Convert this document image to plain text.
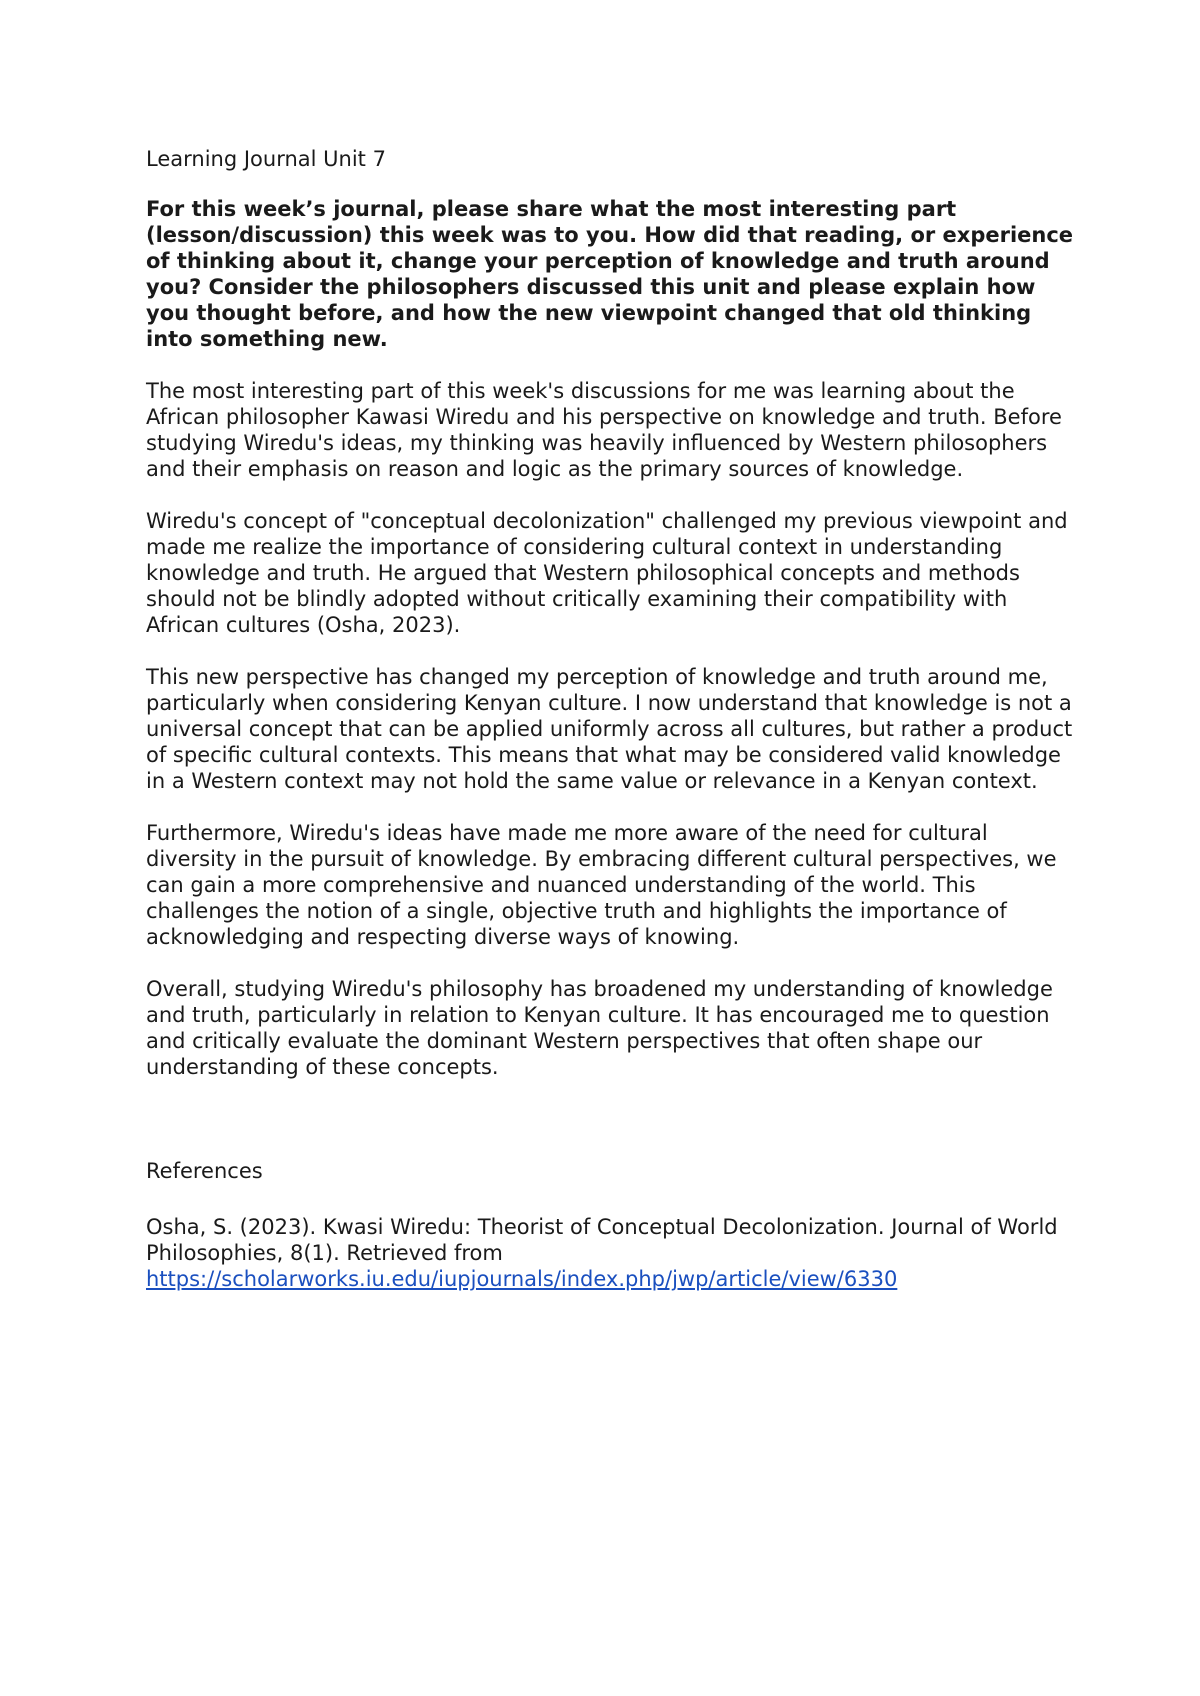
Learning Journal Unit 7
For this week’s journal, please share what the most interesting part (lesson/discussion) this week was to you. How did that reading, or experience of thinking about it, change your perception of knowledge and truth around you? Consider the philosophers discussed this unit and please explain how you thought before, and how the new viewpoint changed that old thinking into something new.

The most interesting part of this week's discussions for me was learning about the African philosopher Kawasi Wiredu and his perspective on knowledge and truth. Before studying Wiredu's ideas, my thinking was heavily influenced by Western philosophers and their emphasis on reason and logic as the primary sources of knowledge.

Wiredu's concept of "conceptual decolonization" challenged my previous viewpoint and made me realize the importance of considering cultural context in understanding knowledge and truth. He argued that Western philosophical concepts and methods should not be blindly adopted without critically examining their compatibility with African cultures (Osha, 2023).

This new perspective has changed my perception of knowledge and truth around me, particularly when considering Kenyan culture. I now understand that knowledge is not a universal concept that can be applied uniformly across all cultures, but rather a product of specific cultural contexts. This means that what may be considered valid knowledge in a Western context may not hold the same value or relevance in a Kenyan context.

Furthermore, Wiredu's ideas have made me more aware of the need for cultural diversity in the pursuit of knowledge. By embracing different cultural perspectives, we can gain a more comprehensive and nuanced understanding of the world. This challenges the notion of a single, objective truth and highlights the importance of acknowledging and respecting diverse ways of knowing.

Overall, studying Wiredu's philosophy has broadened my understanding of knowledge and truth, particularly in relation to Kenyan culture. It has encouraged me to question and critically evaluate the dominant Western perspectives that often shape our understanding of these concepts.

References

Osha, S. (2023). Kwasi Wiredu: Theorist of Conceptual Decolonization. Journal of World Philosophies, 8(1). Retrieved from https://scholarworks.iu.edu/iupjournals/index.php/jwp/article/view/6330
